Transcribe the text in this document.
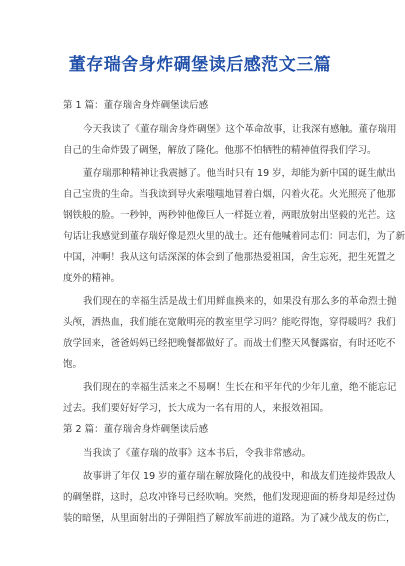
董存瑞舍身炸碉堡读后感范文三篇
第 1 篇：董存瑞舍身炸碉堡读后感
今天我读了《董存瑞舍身炸碉堡》这个革命故事，让我深有感触。董存瑞用
自己的生命炸毁了碉堡，解放了隆化。他那不怕牺牲的精神值得我们学习。
董存瑞那种精神让我震撼了。他当时只有 19 岁，却能为新中国的诞生献出
自己宝贵的生命。当我读到导火索嗤嗤地冒着白烟，闪着火花。火光照亮了他那
钢铁般的脸。一秒钟，两秒钟他像巨人一样挺立着，两眼放射出坚毅的光芒。这
句话让我感觉到董存瑞好像是烈火里的战士。还有他喊着同志们：同志们，为了新
中国，冲啊！我从这句话深深的体会到了他那热爱祖国，舍生忘死，把生死置之
度外的精神。
我们现在的幸福生活是战士们用鲜血换来的，如果没有那么多的革命烈士抛
头颅，洒热血，我们能在宽敞明亮的教室里学习吗？能吃得饱，穿得暖吗？我们
放学回来，爸爸妈妈已经把晚餐都做好了。而战士们整天风餐露宿，有时还吃不
饱。
我们现在的幸福生活来之不易啊！生长在和平年代的少年儿童，绝不能忘记
过去。我们要好好学习，长大成为一名有用的人，来报效祖国。
第 2 篇：董存瑞舍身炸碉堡读后感
当我读了《董存瑞的故事》这本书后，令我非常感动。
故事讲了年仅 19 岁的董存瑞在解放隆化的战役中，和战友们连接炸毁敌人
的碉堡群，这时，总攻冲锋号已经吹响。突然，他们发现迎面的桥身却是经过伪
装的暗堡，从里面射出的子弹阻挡了解放军前进的道路。为了减少战友的伤亡，
